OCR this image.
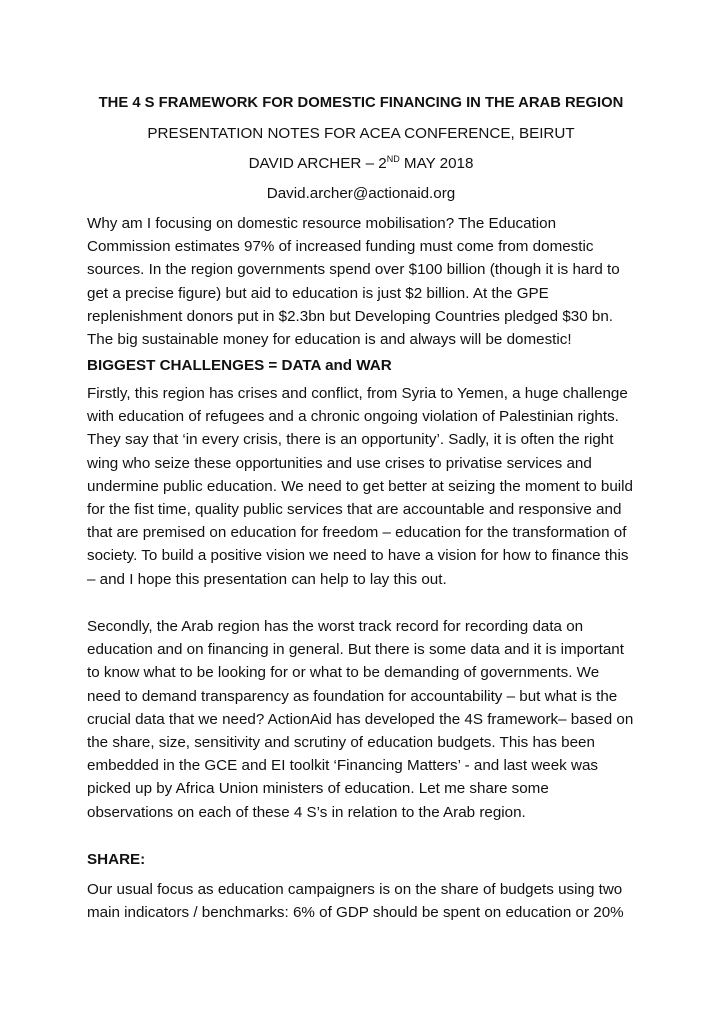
THE 4 S FRAMEWORK FOR DOMESTIC FINANCING IN THE ARAB REGION
PRESENTATION NOTES FOR ACEA CONFERENCE, BEIRUT
DAVID ARCHER – 2ND MAY 2018
David.archer@actionaid.org

Why am I focusing on domestic resource mobilisation? The Education Commission estimates 97% of increased funding must come from domestic sources. In the region governments spend over $100 billion (though it is hard to get a precise figure) but aid to education is just $2 billion. At the GPE replenishment donors put in $2.3bn but Developing Countries pledged $30 bn. The big sustainable money for education is and always will be domestic!

BIGGEST CHALLENGES = DATA and WAR

Firstly, this region has crises and conflict, from Syria to Yemen, a huge challenge with education of refugees and a chronic ongoing violation of Palestinian rights. They say that ‘in every crisis, there is an opportunity’. Sadly, it is often the right wing who seize these opportunities and use crises to privatise services and undermine public education. We need to get better at seizing the moment to build for the fist time, quality public services that are accountable and responsive and that are premised on education for freedom – education for the transformation of society. To build a positive vision we need to have a vision for how to finance this – and I hope this presentation can help to lay this out.

Secondly, the Arab region has the worst track record for recording data on education and on financing in general. But there is some data and it is important to know what to be looking for or what to be demanding of governments. We need to demand transparency as foundation for accountability – but what is the crucial data that we need? ActionAid has developed the 4S framework– based on the share, size, sensitivity and scrutiny of education budgets. This has been embedded in the GCE and EI toolkit ‘Financing Matters’ - and last week was picked up by Africa Union ministers of education. Let me share some observations on each of these 4 S’s in relation to the Arab region.

SHARE:

Our usual focus as education campaigners is on the share of budgets using two main indicators / benchmarks: 6% of GDP should be spent on education or 20%
